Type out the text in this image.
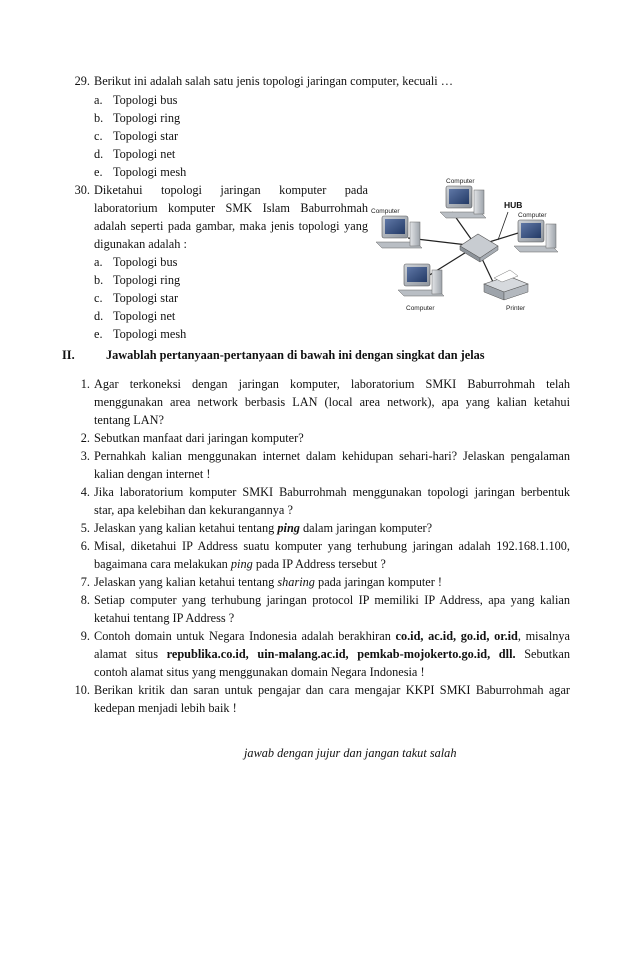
29. Berikut ini adalah salah satu jenis topologi jaringan computer, kecuali …
a. Topologi bus
b. Topologi ring
c. Topologi star
d. Topologi net
e. Topologi mesh
30. Diketahui topologi jaringan komputer pada
laboratorium komputer SMK Islam Baburrohmah
adalah seperti pada gambar, maka jenis topologi yang
digunakan adalah :
a. Topologi bus
b. Topologi ring
c. Topologi star
d. Topologi net
e. Topologi mesh
Computer
Computer
HUB
Computer
Computer	Printer
II.	Jawablah pertanyaan-pertanyaan di bawah ini dengan singkat dan jelas
1. Agar terkoneksi dengan jaringan komputer, laboratorium SMKI Baburrohmah telah
menggunakan area network berbasis LAN (local area network), apa yang kalian ketahui
tentang LAN?
2. Sebutkan manfaat dari jaringan komputer?
3. Pernahkah kalian menggunakan internet dalam kehidupan sehari-hari? Jelaskan pengalaman
kalian dengan internet !
4. Jika laboratorium komputer SMKI Baburrohmah menggunakan topologi jaringan berbentuk
star, apa kelebihan dan kekurangannya ?
5. Jelaskan yang kalian ketahui tentang ping dalam jaringan komputer?
6. Misal, diketahui IP Address suatu komputer yang terhubung jaringan adalah 192.168.1.100,
bagaimana cara melakukan ping pada IP Address tersebut ?
7. Jelaskan yang kalian ketahui tentang sharing pada jaringan komputer !
8. Setiap computer yang terhubung jaringan protocol IP memiliki IP Address, apa yang kalian
ketahui tentang IP Address ?
9. Contoh domain untuk Negara Indonesia adalah berakhiran co.id, ac.id, go.id, or.id, misalnya
alamat situs republika.co.id, uin-malang.ac.id, pemkab-mojokerto.go.id, dll. Sebutkan
contoh alamat situs yang menggunakan domain Negara Indonesia !
10. Berikan kritik dan saran untuk pengajar dan cara mengajar KKPI SMKI Baburrohmah agar
kedepan menjadi lebih baik !
jawab dengan jujur dan jangan takut salah
